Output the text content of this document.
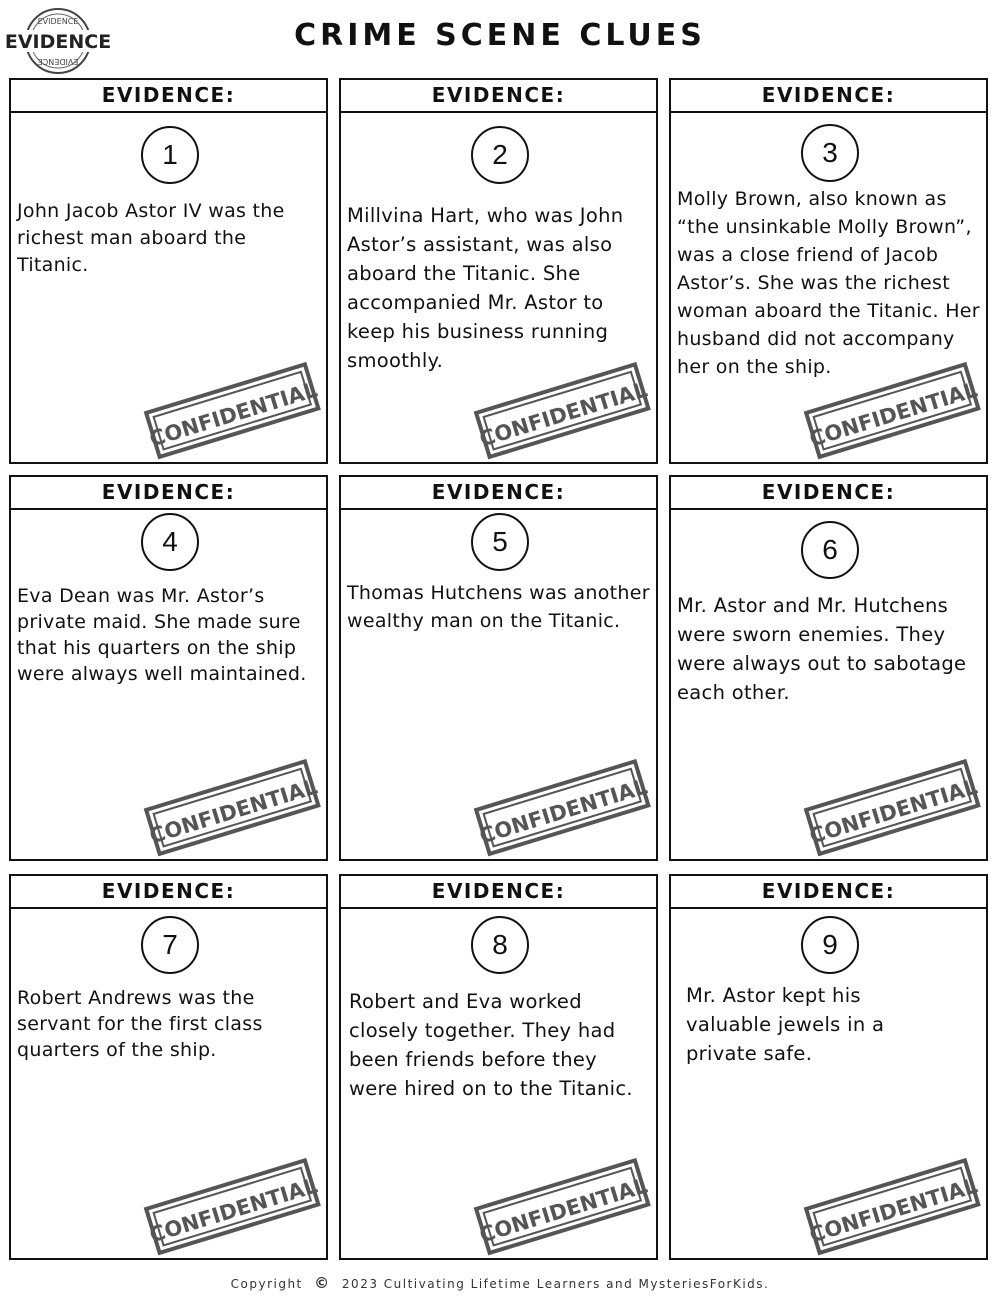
EVIDENCE
EVIDENCE
EVIDENCE
CRIME SCENE CLUES
EVIDENCE:
1
John Jacob Astor IV was the richest man aboard the Titanic.
CONFIDENTIAL
EVIDENCE:
2
Millvina Hart, who was John Astor’s assistant, was also aboard the Titanic. She accompanied Mr. Astor to keep his business running smoothly.
CONFIDENTIAL
EVIDENCE:
3
Molly Brown, also known as “the unsinkable Molly Brown”, was a close friend of Jacob Astor’s. She was the richest woman aboard the Titanic. Her husband did not accompany her on the ship.
CONFIDENTIAL
EVIDENCE:
4
Eva Dean was Mr. Astor’s private maid. She made sure that his quarters on the ship were always well maintained.
CONFIDENTIAL
EVIDENCE:
5
Thomas Hutchens was another wealthy man on the Titanic.
CONFIDENTIAL
EVIDENCE:
6
Mr. Astor and Mr. Hutchens were sworn enemies. They were always out to sabotage each other.
CONFIDENTIAL
EVIDENCE:
7
Robert Andrews was the servant for the first class quarters of the ship.
CONFIDENTIAL
EVIDENCE:
8
Robert and Eva worked closely together. They had been friends before they were hired on to the Titanic.
CONFIDENTIAL
EVIDENCE:
9
Mr. Astor kept his valuable jewels in a private safe.
CONFIDENTIAL
Copyright © 2023 Cultivating Lifetime Learners and MysteriesForKids.
